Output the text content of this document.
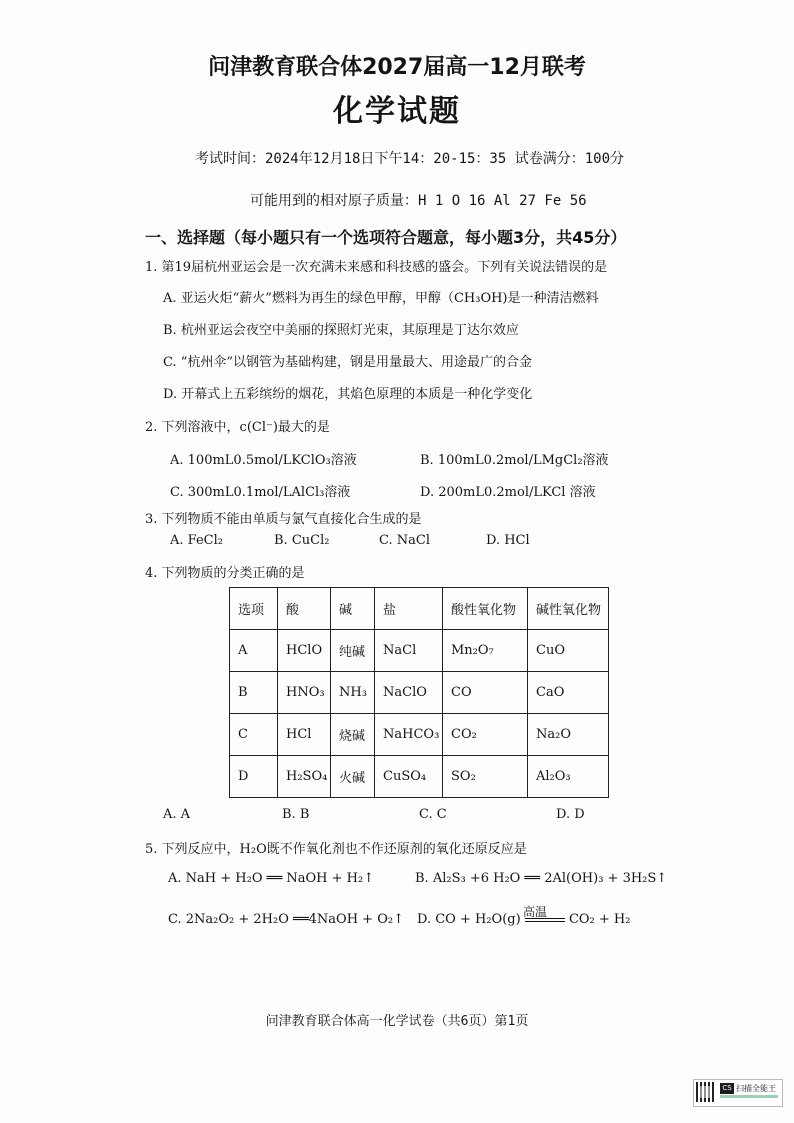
问津教育联合体2027届高一12月联考
化学试题
考试时间：2024年12月18日下午14：20-15：35 试卷满分：100分
可能用到的相对原子质量：H 1 O 16 Al 27 Fe 56
一、选择题（每小题只有一个选项符合题意，每小题3分，共45分）
1. 第19届杭州亚运会是一次充满未来感和科技感的盛会。下列有关说法错误的是
A. 亚运火炬“薪火”燃料为再生的绿色甲醇，甲醇（CH₃OH)是一种清洁燃料
B. 杭州亚运会夜空中美丽的探照灯光束，其原理是丁达尔效应
C. “杭州伞”以钢管为基础构建，钢是用量最大、用途最广的合金
D. 开幕式上五彩缤纷的烟花，其焰色原理的本质是一种化学变化
2. 下列溶液中，c(Cl⁻)最大的是
A. 100mL0.5mol/LKClO₃溶液	B. 100mL0.2mol/LMgCl₂溶液
C. 300mL0.1mol/LAlCl₃溶液	D. 200mL0.2mol/LKCl 溶液
3. 下列物质不能由单质与氯气直接化合生成的是
A. FeCl₂	B. CuCl₂	C. NaCl	D. HCl
4. 下列物质的分类正确的是
选项	酸	碱	盐	酸性氧化物	碱性氧化物
A	HClO	纯碱	NaCl	Mn₂O₇	CuO
B	HNO₃	NH₃	NaClO	CO	CaO
C	HCl	烧碱	NaHCO₃	CO₂	Na₂O
D	H₂SO₄	火碱	CuSO₄	SO₂	Al₂O₃
A. A	B. B	C. C	D. D
5. 下列反应中，H₂O既不作氧化剂也不作还原剂的氧化还原反应是
A. NaH + H₂O ══ NaOH + H₂↑	B. Al₂S₃ +6 H₂O ══ 2Al(OH)₃ + 3H₂S↑
C. 2Na₂O₂ + 2H₂O ══4NaOH + O₂↑ D. CO + H₂O(g)	CO₂ + H₂
高温
问津教育联合体高一化学试卷（共6页）第1页
CS 扫描全能王
